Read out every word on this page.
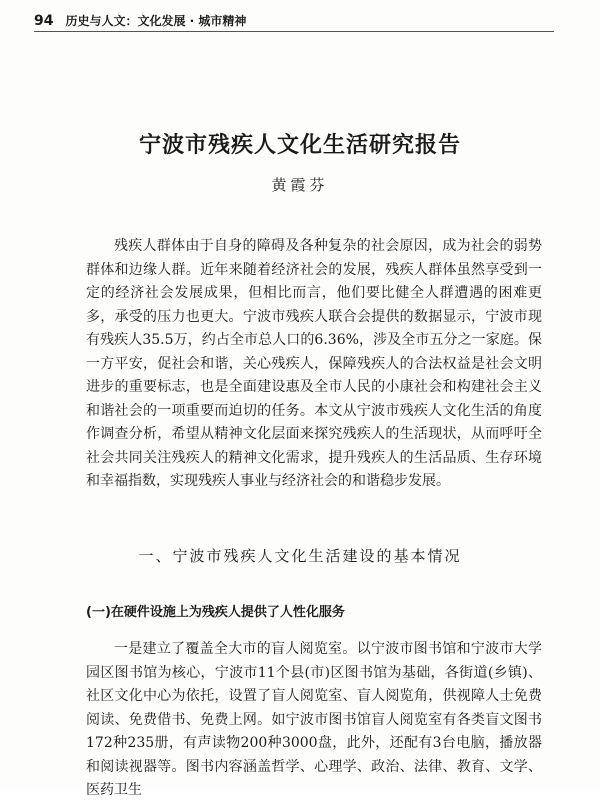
94 历史与人文：文化发展 · 城市精神
宁波市残疾人文化生活研究报告
黄霞芬

残疾人群体由于自身的障碍及各种复杂的社会原因，成为社会的弱势群体和边缘人群。近年来随着经济社会的发展，残疾人群体虽然享受到一定的经济社会发展成果，但相比而言，他们要比健全人群遭遇的困难更多，承受的压力也更大。宁波市残疾人联合会提供的数据显示，宁波市现有残疾人35.5万，约占全市总人口的6.36%，涉及全市五分之一家庭。保一方平安，促社会和谐，关心残疾人，保障残疾人的合法权益是社会文明进步的重要标志，也是全面建设惠及全市人民的小康社会和构建社会主义和谐社会的一项重要而迫切的任务。本文从宁波市残疾人文化生活的角度作调查分析，希望从精神文化层面来探究残疾人的生活现状，从而呼吁全社会共同关注残疾人的精神文化需求，提升残疾人的生活品质、生存环境和幸福指数，实现残疾人事业与经济社会的和谐稳步发展。

一、宁波市残疾人文化生活建设的基本情况
(一)在硬件设施上为残疾人提供了人性化服务

一是建立了覆盖全大市的盲人阅览室。以宁波市图书馆和宁波市大学园区图书馆为核心，宁波市11个县(市)区图书馆为基础，各街道(乡镇)、社区文化中心为依托，设置了盲人阅览室、盲人阅览角，供视障人士免费阅读、免费借书、免费上网。如宁波市图书馆盲人阅览室有各类盲文图书172种235册，有声读物200种3000盘，此外，还配有3台电脑，播放器和阅读视器等。图书内容涵盖哲学、心理学、政治、法律、教育、文学、医药卫生
